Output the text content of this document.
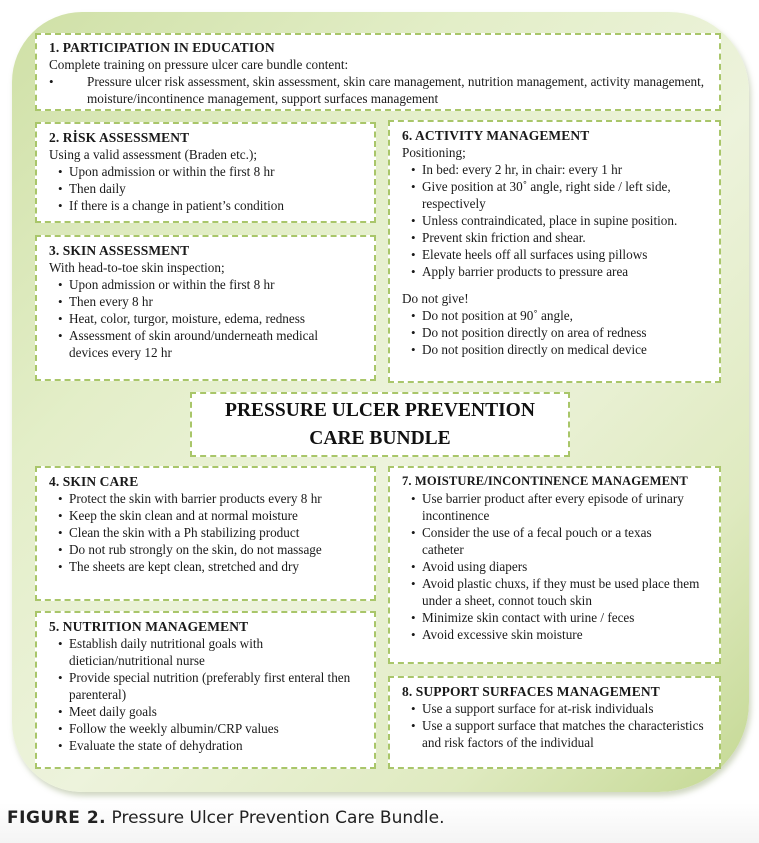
1. PARTICIPATION IN EDUCATION

Complete training on pressure ulcer care bundle content:

• Pressure ulcer risk assessment, skin assessment, skin care management, nutrition management, activity management, moisture/incontinence management, support surfaces management
2. RİSK ASSESSMENT

Using a valid assessment (Braden etc.);

• Upon admission or within the first 8 hr
• Then daily
• If there is a change in patient’s condition
3. SKIN ASSESSMENT

With head-to-toe skin inspection;

• Upon admission or within the first 8 hr
• Then every 8 hr
• Heat, color, turgor, moisture, edema, redness
• Assessment of skin around/underneath medical devices every 12 hr
6. ACTIVITY MANAGEMENT

Positioning;

• In bed: every 2 hr, in chair: every 1 hr
• Give position at 30˚ angle, right side / left side, respectively
• Unless contraindicated, place in supine position.
• Prevent skin friction and shear.
• Elevate heels off all surfaces using pillows
• Apply barrier products to pressure area

Do not give!

• Do not position at 90˚ angle,
• Do not position directly on area of redness
• Do not position directly on medical device
PRESSURE ULCER PREVENTION
CARE BUNDLE
4. SKIN CARE
• Protect the skin with barrier products every 8 hr
• Keep the skin clean and at normal moisture
• Clean the skin with a Ph stabilizing product
• Do not rub strongly on the skin, do not massage
• The sheets are kept clean, stretched and dry
5. NUTRITION MANAGEMENT
• Establish daily nutritional goals with dietician/nutritional nurse
• Provide special nutrition (preferably first enteral then parenteral)
• Meet daily goals
• Follow the weekly albumin/CRP values
• Evaluate the state of dehydration
7. MOISTURE/INCONTINENCE MANAGEMENT
• Use barrier product after every episode of urinary incontinence
• Consider the use of a fecal pouch or a texas catheter
• Avoid using diapers
• Avoid plastic chuxs, if they must be used place them under a sheet, connot touch skin
• Minimize skin contact with urine / feces
• Avoid excessive skin moisture
8. SUPPORT SURFACES MANAGEMENT
• Use a support surface for at-risk individuals
• Use a support surface that matches the characteristics and risk factors of the individual
FIGURE 2. Pressure Ulcer Prevention Care Bundle.
